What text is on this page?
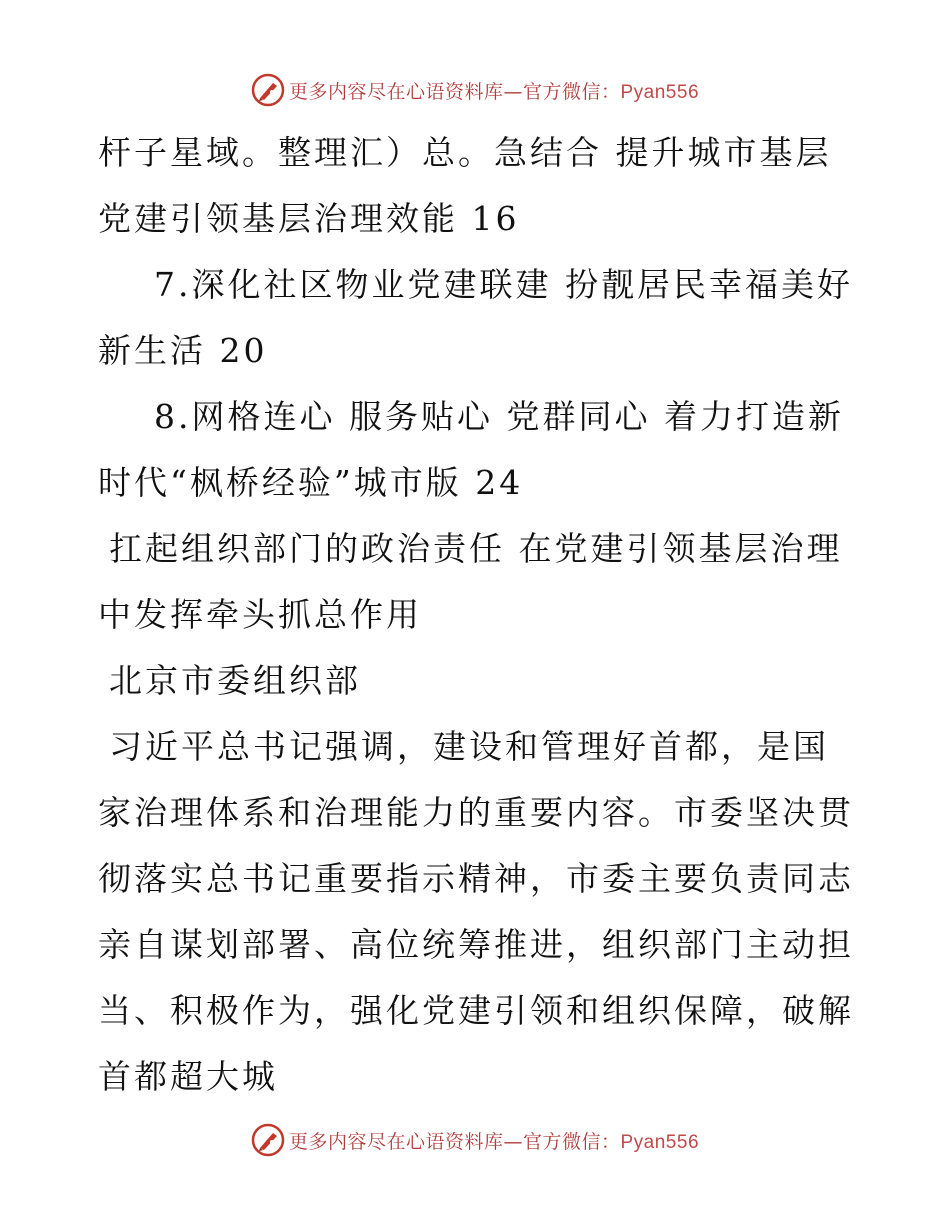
更多内容尽在心语资料库—官方微信：Pyan556

杆子星域。整理汇）总。急结合 提升城市基层党建引领基层治理效能 16

7.深化社区物业党建联建 扮靓居民幸福美好新生活 20

8.网格连心 服务贴心 党群同心 着力打造新时代“枫桥经验”城市版 24

扛起组织部门的政治责任 在党建引领基层治理中发挥牵头抓总作用

北京市委组织部

习近平总书记强调，建设和管理好首都，是国家治理体系和治理能力的重要内容。市委坚决贯彻落实总书记重要指示精神，市委主要负责同志亲自谋划部署、高位统筹推进，组织部门主动担当、积极作为，强化党建引领和组织保障，破解首都超大城

更多内容尽在心语资料库—官方微信：Pyan556
